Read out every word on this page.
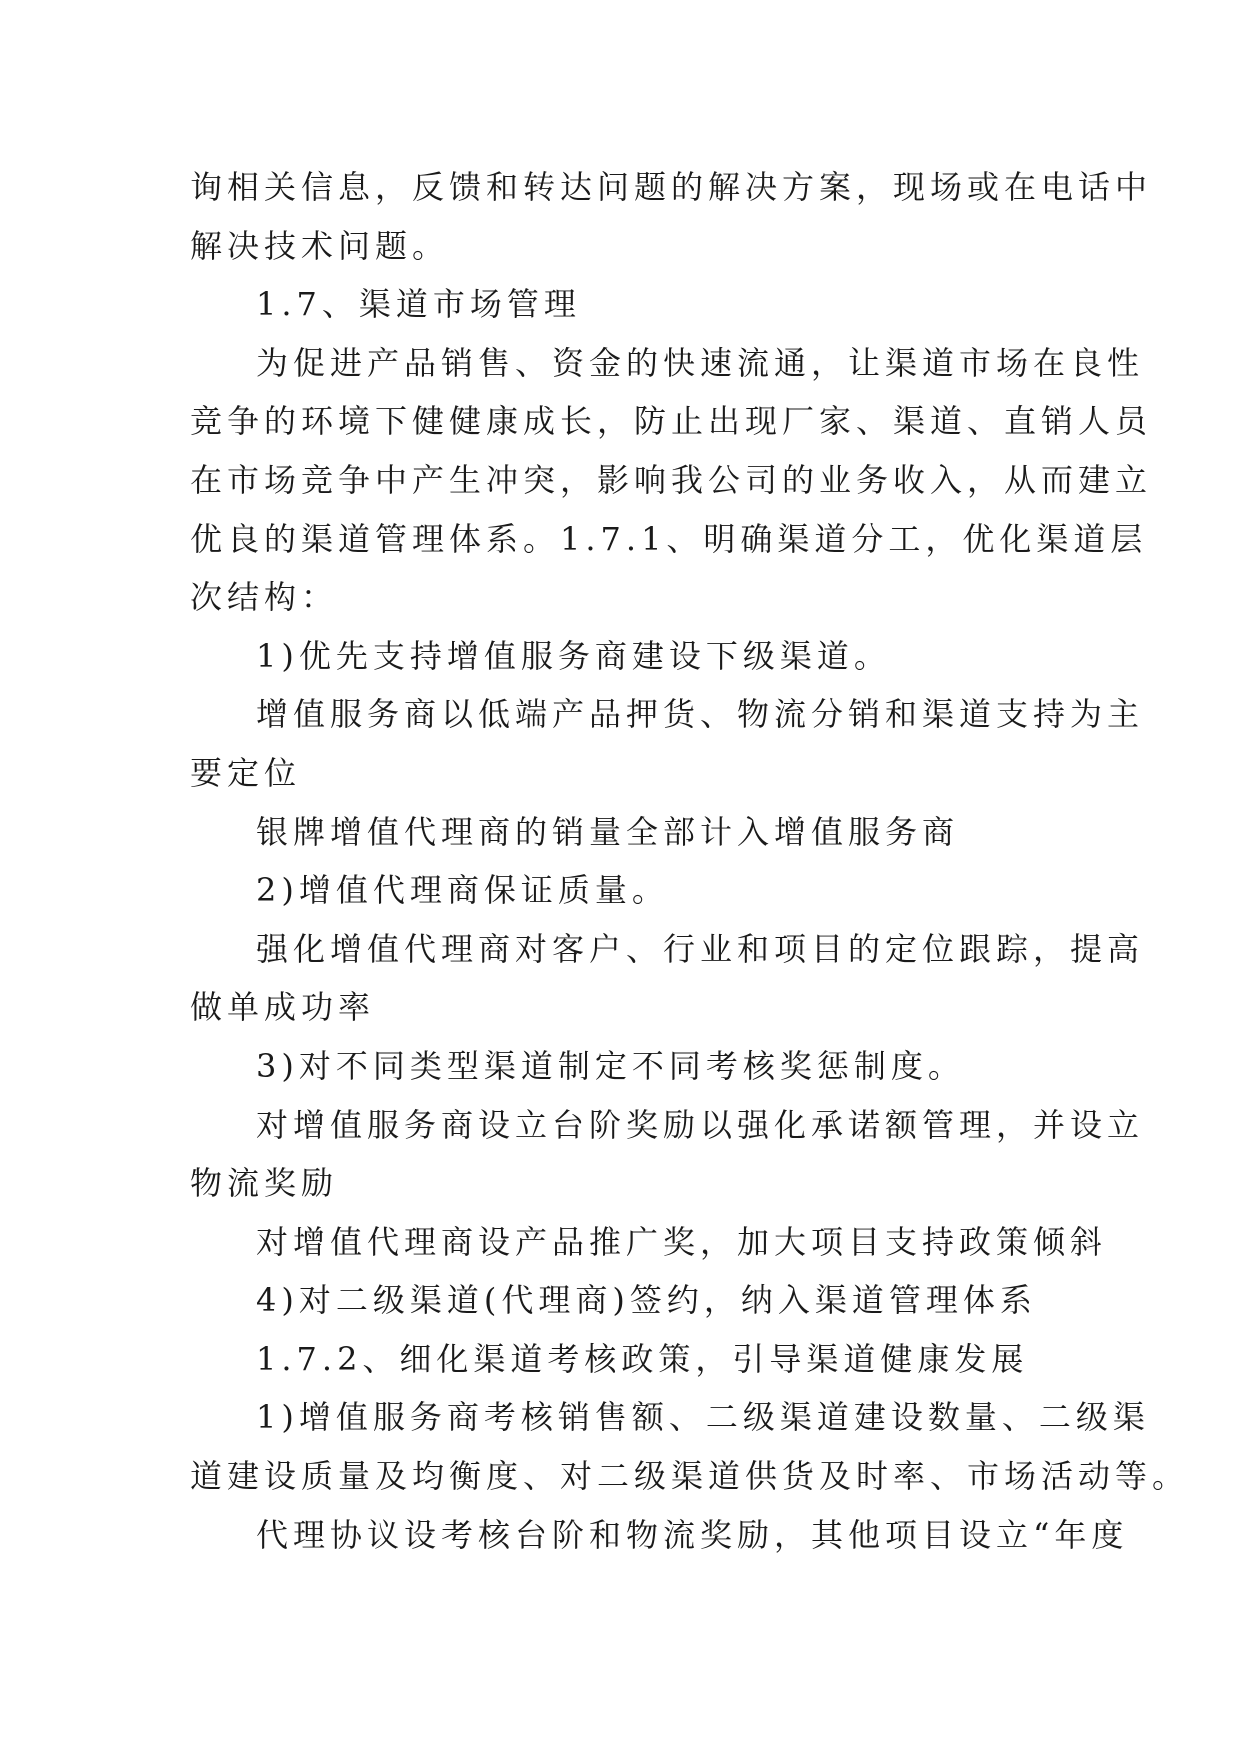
询相关信息，反馈和转达问题的解决方案，现场或在电话中
解决技术问题。
1.7、渠道市场管理
为促进产品销售、资金的快速流通，让渠道市场在良性
竞争的环境下健健康成长，防止出现厂家、渠道、直销人员
在市场竞争中产生冲突，影响我公司的业务收入，从而建立
优良的渠道管理体系。1.7.1、明确渠道分工，优化渠道层
次结构：
1)优先支持增值服务商建设下级渠道。
增值服务商以低端产品押货、物流分销和渠道支持为主
要定位
银牌增值代理商的销量全部计入增值服务商
2)增值代理商保证质量。
强化增值代理商对客户、行业和项目的定位跟踪，提高
做单成功率
3)对不同类型渠道制定不同考核奖惩制度。
对增值服务商设立台阶奖励以强化承诺额管理，并设立
物流奖励
对增值代理商设产品推广奖，加大项目支持政策倾斜
4)对二级渠道(代理商)签约，纳入渠道管理体系
1.7.2、细化渠道考核政策，引导渠道健康发展
1)增值服务商考核销售额、二级渠道建设数量、二级渠
道建设质量及均衡度、对二级渠道供货及时率、市场活动等。
代理协议设考核台阶和物流奖励，其他项目设立“年度
